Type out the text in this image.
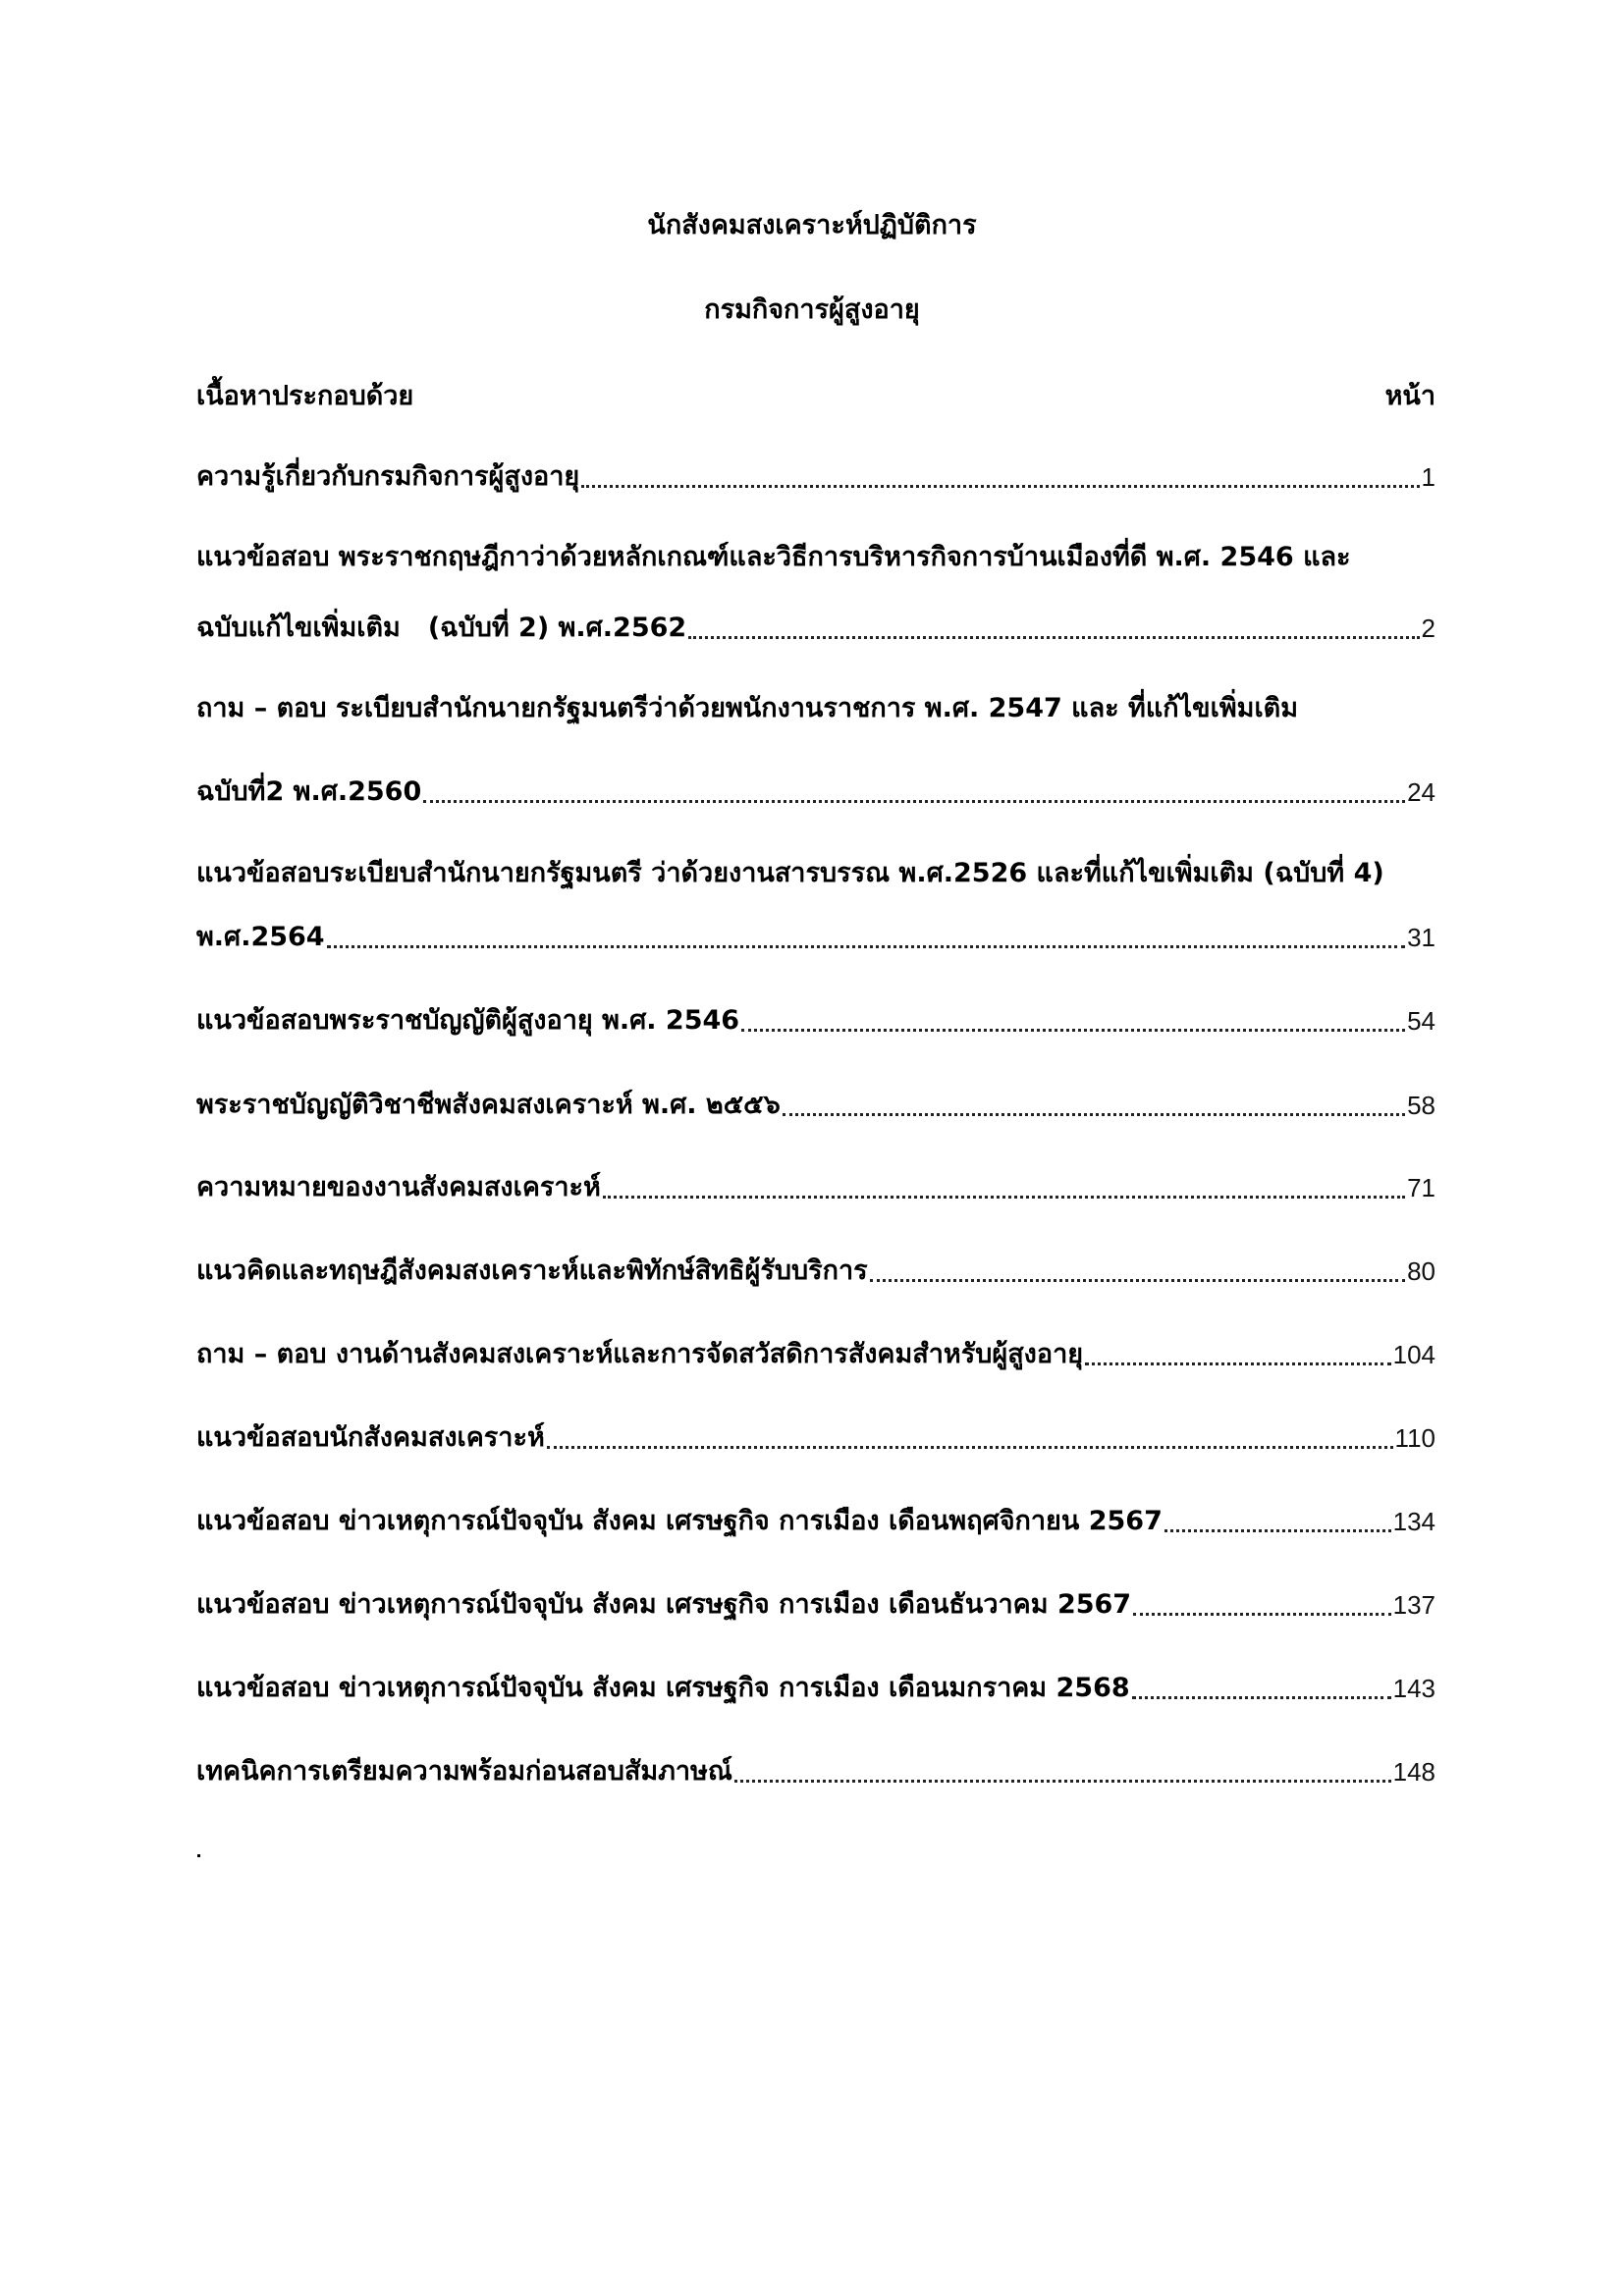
นักสังคมสงเคราะห์ปฏิบัติการ
กรมกิจการผู้สูงอายุ
เนื้อหาประกอบด้วย	หน้า
ความรู้เกี่ยวกับกรมกิจการผู้สูงอายุ	1
แนวข้อสอบ พระราชกฤษฎีกาว่าด้วยหลักเกณฑ์และวิธีการบริหารกิจการบ้านเมืองที่ดี พ.ศ. 2546 และ
ฉบับแก้ไขเพิ่มเติม (ฉบับที่ 2) พ.ศ.2562	2
ถาม – ตอบ ระเบียบสำนักนายกรัฐมนตรีว่าด้วยพนักงานราชการ พ.ศ. 2547 และ ที่แก้ไขเพิ่มเติม
ฉบับที่2 พ.ศ.2560	24
แนวข้อสอบระเบียบสำนักนายกรัฐมนตรี ว่าด้วยงานสารบรรณ พ.ศ.2526 และที่แก้ไขเพิ่มเติม (ฉบับที่ 4)
พ.ศ.2564	31
แนวข้อสอบพระราชบัญญัติผู้สูงอายุ พ.ศ. 2546	54
พระราชบัญญัติวิชาชีพสังคมสงเคราะห์ พ.ศ. ๒๕๕๖	58
ความหมายของงานสังคมสงเคราะห์	71
แนวคิดและทฤษฎีสังคมสงเคราะห์และพิทักษ์สิทธิผู้รับบริการ	80
ถาม – ตอบ งานด้านสังคมสงเคราะห์และการจัดสวัสดิการสังคมสำหรับผู้สูงอายุ	104
แนวข้อสอบนักสังคมสงเคราะห์	110
แนวข้อสอบ ข่าวเหตุการณ์ปัจจุบัน สังคม เศรษฐกิจ การเมือง เดือนพฤศจิกายน 2567	134
แนวข้อสอบ ข่าวเหตุการณ์ปัจจุบัน สังคม เศรษฐกิจ การเมือง เดือนธันวาคม 2567	137
แนวข้อสอบ ข่าวเหตุการณ์ปัจจุบัน สังคม เศรษฐกิจ การเมือง เดือนมกราคม 2568	143
เทคนิคการเตรียมความพร้อมก่อนสอบสัมภาษณ์	148
